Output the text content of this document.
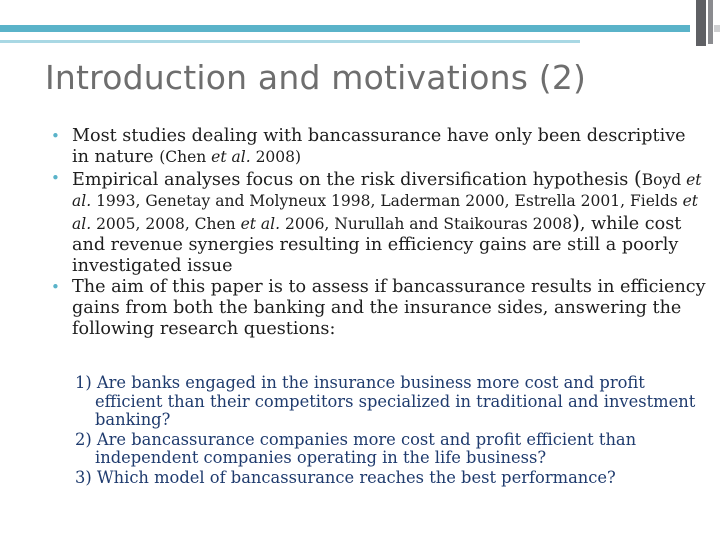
Introduction and motivations (2)
• Most studies dealing with bancassurance have only been descriptive in nature (Chen et al. 2008)
• Empirical analyses focus on the risk diversification hypothesis (Boyd et al. 1993, Genetay and Molyneux 1998, Laderman 2000, Estrella 2001, Fields et al. 2005, 2008, Chen et al. 2006, Nurullah and Staikouras 2008), while cost and revenue synergies resulting in efficiency gains are still a poorly investigated issue
• The aim of this paper is to assess if bancassurance results in efficiency gains from both the banking and the insurance sides, answering the following research questions:
1) Are banks engaged in the insurance business more cost and profit efficient than their competitors specialized in traditional and investment banking?
2) Are bancassurance companies more cost and profit efficient than independent companies operating in the life business?
3) Which model of bancassurance reaches the best performance?
